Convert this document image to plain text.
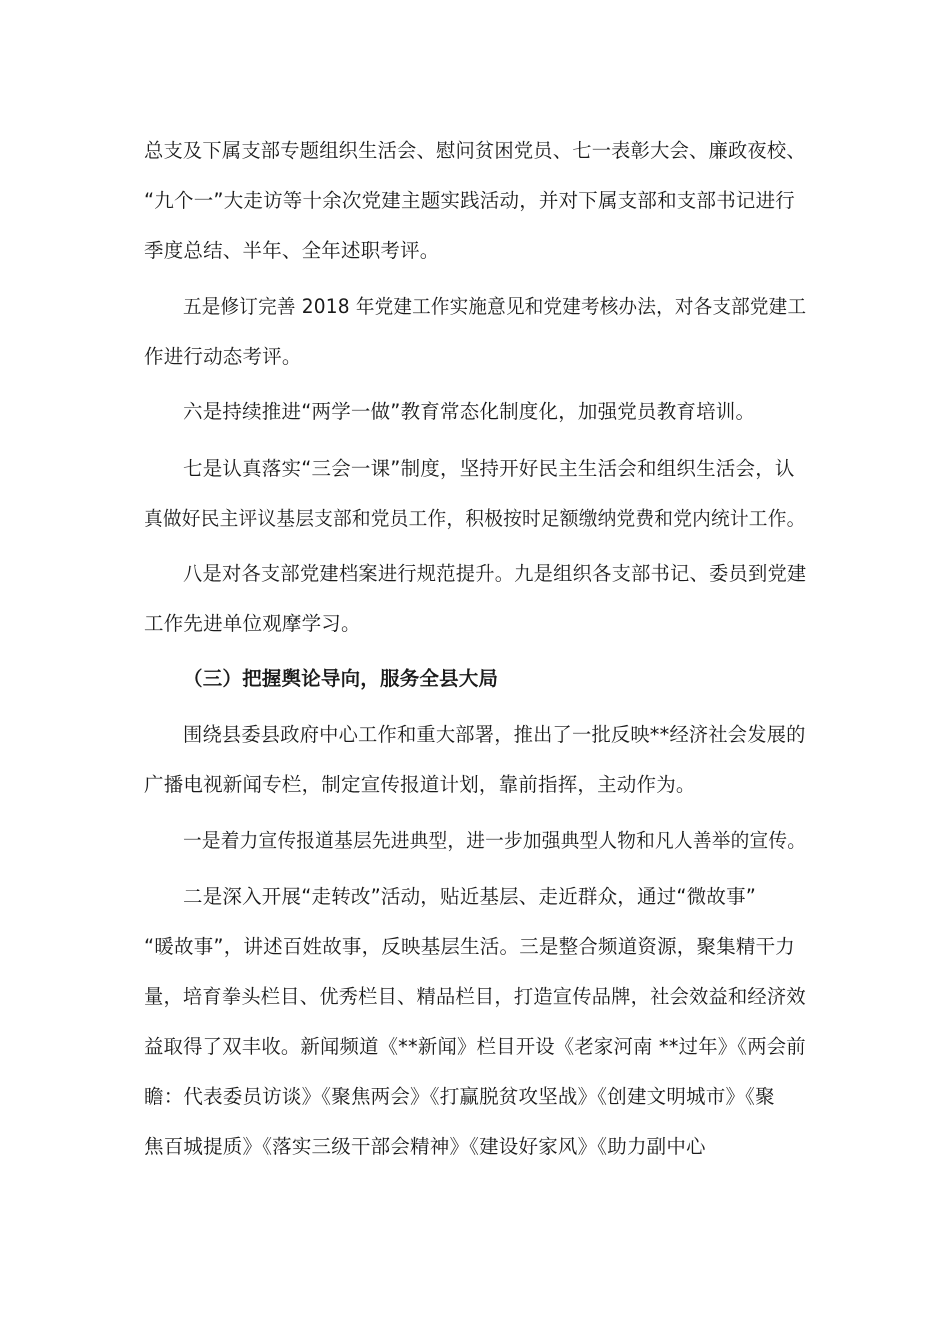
总支及下属支部专题组织生活会、慰问贫困党员、七一表彰大会、廉政夜校、
“九个一”大走访等十余次党建主题实践活动，并对下属支部和支部书记进行
季度总结、半年、全年述职考评。
五是修订完善 2018 年党建工作实施意见和党建考核办法，对各支部党建工
作进行动态考评。
六是持续推进“两学一做”教育常态化制度化，加强党员教育培训。
七是认真落实“三会一课”制度，坚持开好民主生活会和组织生活会，认
真做好民主评议基层支部和党员工作，积极按时足额缴纳党费和党内统计工作。
八是对各支部党建档案进行规范提升。九是组织各支部书记、委员到党建
工作先进单位观摩学习。
（三）把握舆论导向，服务全县大局
围绕县委县政府中心工作和重大部署，推出了一批反映**经济社会发展的
广播电视新闻专栏，制定宣传报道计划，靠前指挥，主动作为。
一是着力宣传报道基层先进典型，进一步加强典型人物和凡人善举的宣传。
二是深入开展“走转改”活动，贴近基层、走近群众，通过“微故事”
“暖故事”，讲述百姓故事，反映基层生活。三是整合频道资源，聚集精干力
量，培育拳头栏目、优秀栏目、精品栏目，打造宣传品牌，社会效益和经济效
益取得了双丰收。新闻频道《**新闻》栏目开设《老家河南 **过年》《两会前
瞻：代表委员访谈》《聚焦两会》《打赢脱贫攻坚战》《创建文明城市》《聚
焦百城提质》《落实三级干部会精神》《建设好家风》《助力副中心
